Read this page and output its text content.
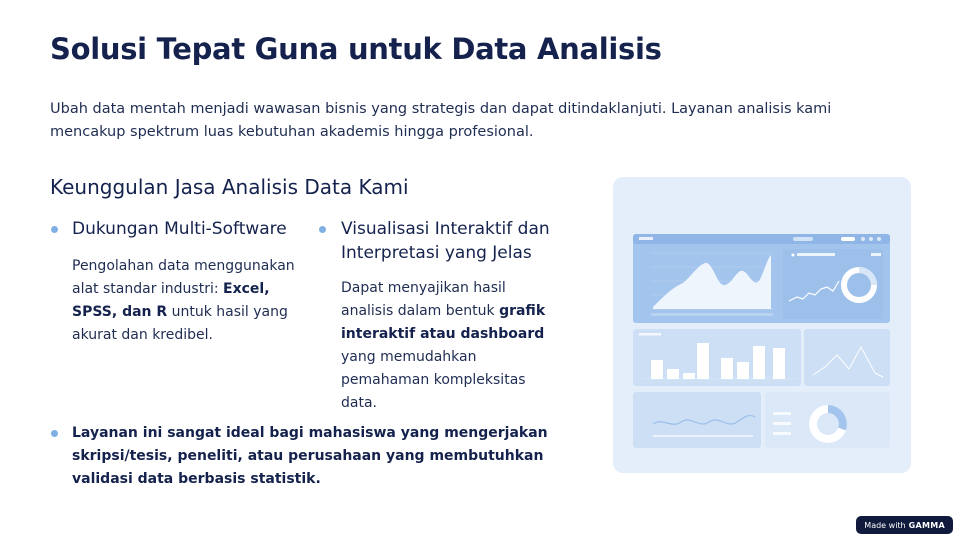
Solusi Tepat Guna untuk Data Analisis
Ubah data mentah menjadi wawasan bisnis yang strategis dan dapat ditindaklanjuti. Layanan analisis kami mencakup spektrum luas kebutuhan akademis hingga profesional.
Keunggulan Jasa Analisis Data Kami
Dukungan Multi-Software
Pengolahan data menggunakan alat standar industri: Excel, SPSS, dan R untuk hasil yang akurat dan kredibel.
Visualisasi Interaktif dan Interpretasi yang Jelas
Dapat menyajikan hasil analisis dalam bentuk grafik interaktif atau dashboard yang memudahkan pemahaman kompleksitas data.
Layanan ini sangat ideal bagi mahasiswa yang mengerjakan skripsi/tesis, peneliti, atau perusahaan yang membutuhkan validasi data berbasis statistik.
Made with GAMMA
